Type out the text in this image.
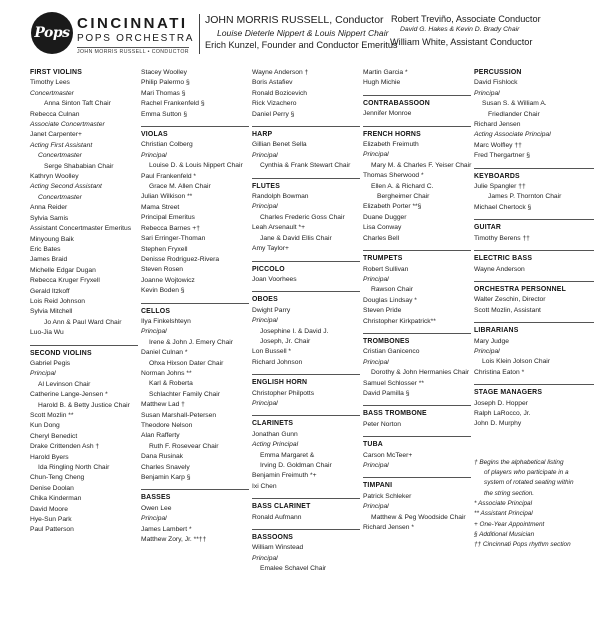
Pops
CINCINNATI
POPS ORCHESTRA
JOHN MORRIS RUSSELL • CONDUCTOR
JOHN MORRIS RUSSELL, Conductor
Louise Dieterle Nippert & Louis Nippert Chair
Erich Kunzel, Founder and Conductor Emeritus
Robert Treviño, Associate Conductor
David G. Hakes & Kevin D. Brady Chair
William White, Assistant Conductor
FIRST VIOLINS
Timothy Lees
Concertmaster
Anna Sinton Taft Chair
Rebecca Culnan
Associate Concertmaster
Janet Carpenter+
Acting First Assistant
Concertmaster
Serge Shababian Chair
Kathryn Woolley
Acting Second Assistant
Concertmaster
Anna Reider
Sylvia Samis
Assistant Concertmaster Emeritus
Minyoung Baik
Eric Bates
James Braid
Michelle Edgar Dugan
Rebecca Kruger Fryxell
Gerald Itzkoff
Lois Reid Johnson
Sylvia Mitchell
Jo Ann & Paul Ward Chair
Luo-Jia Wu
SECOND VIOLINS
Gabriel Pegis
Principal
Al Levinson Chair
Catherine Lange-Jensen *
Harold B. & Betty Justice Chair
Scott Mozlin **
Kun Dong
Cheryl Benedict
Drake Crittenden Ash †
Harold Byers
Ida Ringling North Chair
Chun-Teng Cheng
Denise Doolan
Chika Kinderman
David Moore
Hye-Sun Park
Paul Patterson
Stacey Woolley
Philip Palermo §
Mari Thomas §
Rachel Frankenfeld §
Emma Sutton §
VIOLAS
Christian Colberg
Principal
Louise D. & Louis Nippert Chair
Paul Frankenfeld *
Grace M. Allen Chair
Julian Wilkison **
Mama Street
Principal Emeritus
Rebecca Barnes +†
Sari Erringer-Thoman
Stephen Fryxell
Denisse Rodriguez-Rivera
Steven Rosen
Joanne Wojtowicz
Kevin Boden §
CELLOS
Ilya Finkelshteyn
Principal
Irene & John J. Emery Chair
Daniel Culnan *
Ohxa Hixson Dater Chair
Norman Johns **
Karl & Roberta
Schlachter Family Chair
Matthew Lad †
Susan Marshall-Petersen
Theodore Nelson
Alan Rafferty
Ruth F. Rosevear Chair
Dana Rusinak
Charles Snavely
Benjamin Karp §
BASSES
Owen Lee
Principal
James Lambert *
Matthew Zory, Jr. **††
Wayne Anderson †
Boris Astafiev
Ronald Bozicevich
Rick Vizachero
Daniel Perry §
HARP
Gillian Benet Sella
Principal
Cynthia & Frank Stewart Chair
FLUTES
Randolph Bowman
Principal
Charles Frederic Goss Chair
Leah Arsenault *+
Jane & David Ellis Chair
Amy Taylor+
PICCOLO
Joan Voorhees
OBOES
Dwight Parry
Principal
Josephine I. & David J.
Joseph, Jr. Chair
Lon Bussell *
Richard Johnson
ENGLISH HORN
Christopher Philpotts
Principal
CLARINETS
Jonathan Gunn
Acting Principal
Emma Margaret &
Irving D. Goldman Chair
Benjamin Freimuth *+
Ixi Chen
BASS CLARINET
Ronald Aufmann
BASSOONS
William Winstead
Principal
Emalee Schavel Chair
Martin Garcia *
Hugh Michie
CONTRABASSOON
Jennifer Monroe
FRENCH HORNS
Elizabeth Freimuth
Principal
Mary M. & Charles F. Yeiser Chair
Thomas Sherwood *
Ellen A. & Richard C.
Bergheimer Chair
Elizabeth Porter **§
Duane Dugger
Lisa Conway
Charles Bell
TRUMPETS
Robert Sullivan
Principal
Rawson Chair
Douglas Lindsay *
Steven Pride
Christopher Kirkpatrick**
TROMBONES
Cristian Ganicenco
Principal
Dorothy & John Hermanies Chair
Samuel Schlosser **
David Pamilla §
BASS TROMBONE
Peter Norton
TUBA
Carson McTeer+
Principal
TIMPANI
Patrick Schleker
Principal
Matthew & Peg Woodside Chair
Richard Jensen *
PERCUSSION
David Fishlock
Principal
Susan S. & William A.
Friedlander Chair
Richard Jensen
Acting Associate Principal
Marc Wolfley ††
Fred Thergartner §
KEYBOARDS
Julie Spangler ††
James P. Thornton Chair
Michael Chertock §
GUITAR
Timothy Berens ††
ELECTRIC BASS
Wayne Anderson
ORCHESTRA PERSONNEL
Walter Zeschin, Director
Scott Mozlin, Assistant
LIBRARIANS
Mary Judge
Principal
Lois Klein Jolson Chair
Christina Eaton *
STAGE MANAGERS
Joseph D. Hopper
Ralph LaRocco, Jr.
John D. Murphy
† Begins the alphabetical listing
of players who participate in a
system of rotated seating within
the string section.
* Associate Principal
** Assistant Principal
+ One-Year Appointment
§ Additional Musician
†† Cincinnati Pops rhythm section
